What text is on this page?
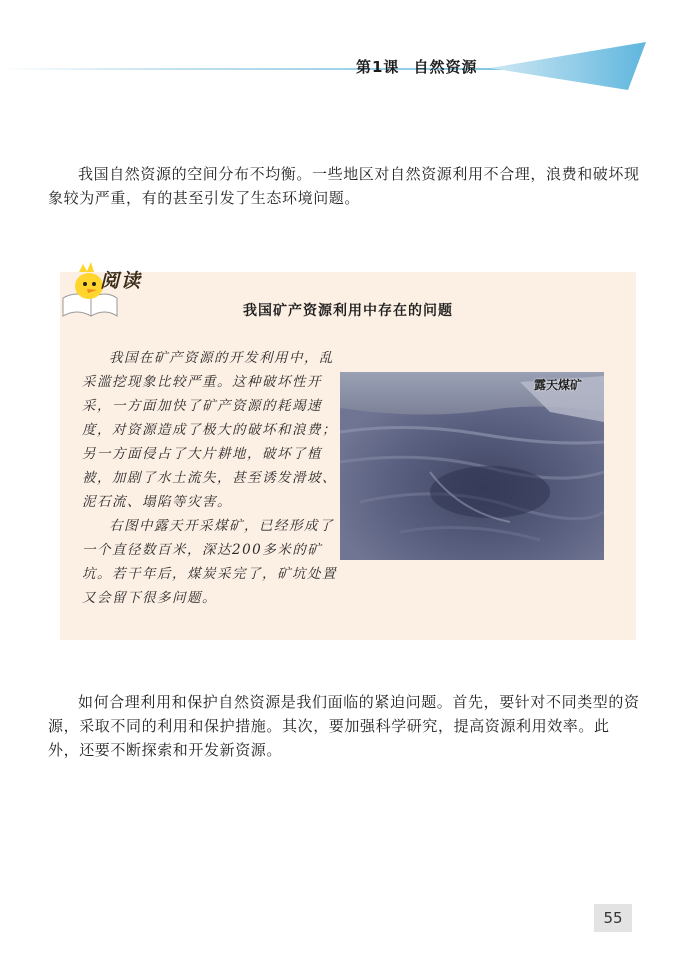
第1课 自然资源

我国自然资源的空间分布不均衡。一些地区对自然资源利用不合理，浪费和破坏现象较为严重，有的甚至引发了生态环境问题。

阅读
我国矿产资源利用中存在的问题

我国在矿产资源的开发利用中，乱采滥挖现象比较严重。这种破坏性开采，一方面加快了矿产资源的耗竭速度，对资源造成了极大的破坏和浪费；另一方面侵占了大片耕地，破坏了植被，加剧了水土流失，甚至诱发滑坡、泥石流、塌陷等灾害。

右图中露天开采煤矿，已经形成了一个直径数百米，深达200多米的矿坑。若干年后，煤炭采完了，矿坑处置又会留下很多问题。

露天煤矿

如何合理利用和保护自然资源是我们面临的紧迫问题。首先，要针对不同类型的资源，采取不同的利用和保护措施。其次，要加强科学研究，提高资源利用效率。此外，还要不断探索和开发新资源。

55
